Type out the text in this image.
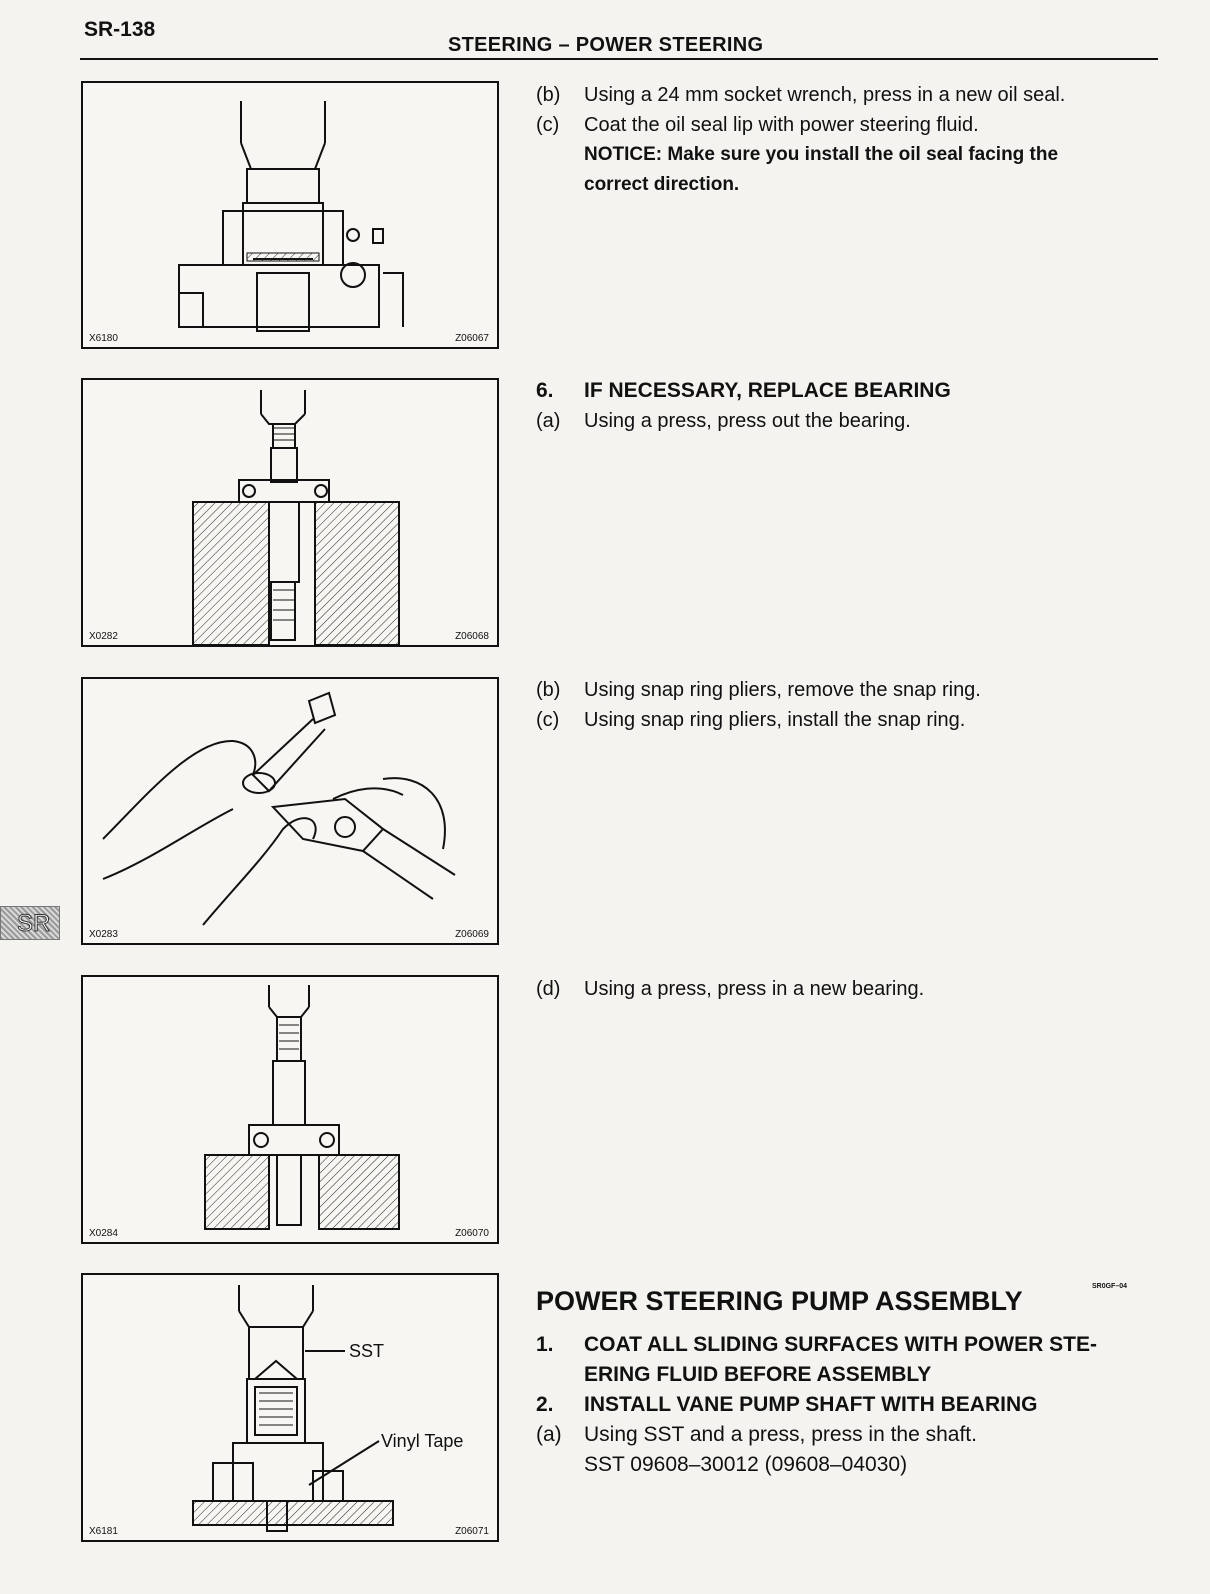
SR-138
STEERING – POWER STEERING
SR
X6180	Z06067
X0282	Z06068
X0283	Z06069
X0284	Z06070
SST
Vinyl Tape
X6181	Z06071
(b)	Using a 24 mm socket wrench, press in a new oil seal.
(c)	Coat the oil seal lip with power steering fluid.
NOTICE: Make sure you install the oil seal facing the
correct direction.
6.	IF NECESSARY, REPLACE BEARING
(a)	Using a press, press out the bearing.
(b)	Using snap ring pliers, remove the snap ring.
(c)	Using snap ring pliers, install the snap ring.
(d)	Using a press, press in a new bearing.
POWER STEERING PUMP ASSEMBLY	SR0GF–04
1.	COAT ALL SLIDING SURFACES WITH POWER STE-
ERING FLUID BEFORE ASSEMBLY
2.	INSTALL VANE PUMP SHAFT WITH BEARING
(a)	Using SST and a press, press in the shaft.
SST 09608–30012 (09608–04030)
